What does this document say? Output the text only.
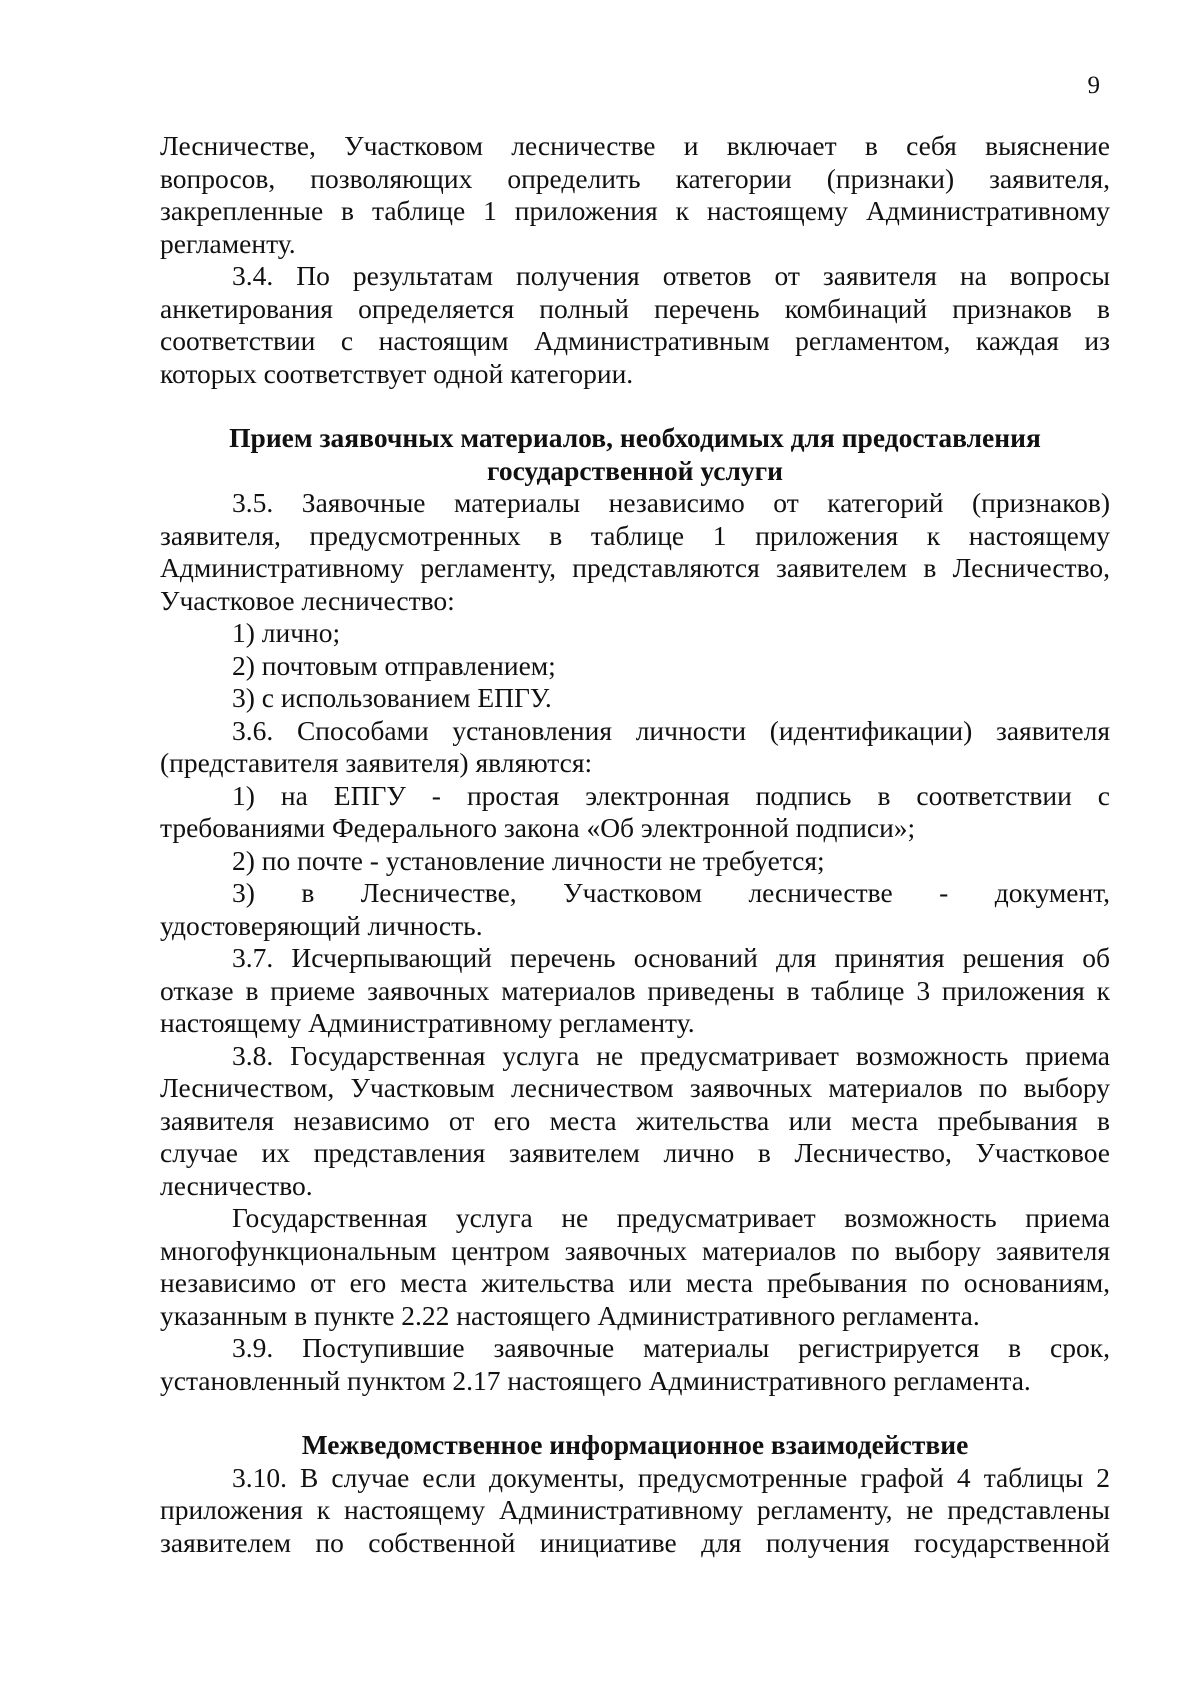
9

Лесничестве, Участковом лесничестве и включает в себя выяснение

вопросов, позволяющих определить категории (признаки) заявителя,

закрепленные в таблице 1 приложения к настоящему Административному

регламенту.

3.4. По результатам получения ответов от заявителя на вопросы

анкетирования определяется полный перечень комбинаций признаков в

соответствии с настоящим Административным регламентом, каждая из

которых соответствует одной категории.

Прием заявочных материалов, необходимых для предоставления

государственной услуги

3.5. Заявочные материалы независимо от категорий (признаков)

заявителя, предусмотренных в таблице 1 приложения к настоящему

Административному регламенту, представляются заявителем в Лесничество,

Участковое лесничество:

1) лично;

2) почтовым отправлением;

3) с использованием ЕПГУ.

3.6. Способами установления личности (идентификации) заявителя

(представителя заявителя) являются:

1) на ЕПГУ - простая электронная подпись в соответствии с

требованиями Федерального закона «Об электронной подписи»;

2) по почте - установление личности не требуется;

3) в Лесничестве, Участковом лесничестве - документ,

удостоверяющий личность.

3.7. Исчерпывающий перечень оснований для принятия решения об

отказе в приеме заявочных материалов приведены в таблице 3 приложения к

настоящему Административному регламенту.

3.8. Государственная услуга не предусматривает возможность приема

Лесничеством, Участковым лесничеством заявочных материалов по выбору

заявителя независимо от его места жительства или места пребывания в

случае их представления заявителем лично в Лесничество, Участковое

лесничество.

Государственная услуга не предусматривает возможность приема

многофункциональным центром заявочных материалов по выбору заявителя

независимо от его места жительства или места пребывания по основаниям,

указанным в пункте 2.22 настоящего Административного регламента.

3.9. Поступившие заявочные материалы регистрируется в срок,

установленный пунктом 2.17 настоящего Административного регламента.

Межведомственное информационное взаимодействие

3.10. В случае если документы, предусмотренные графой 4 таблицы 2

приложения к настоящему Административному регламенту, не представлены

заявителем по собственной инициативе для получения государственной
